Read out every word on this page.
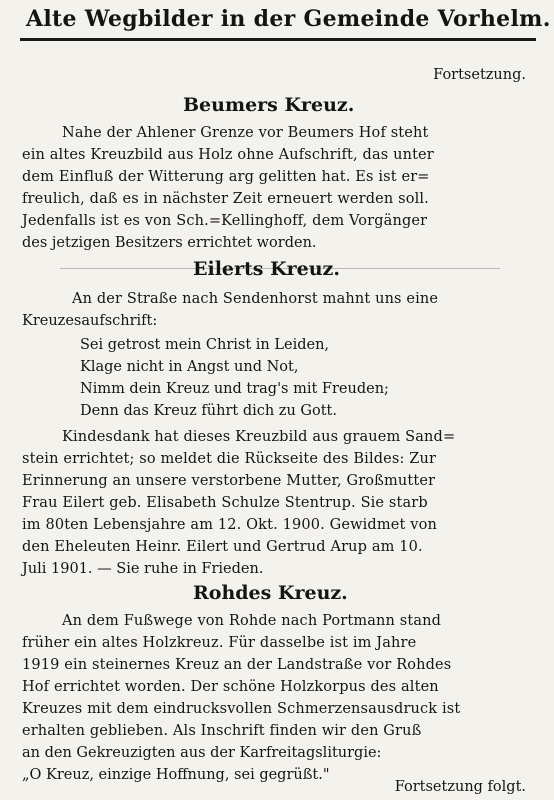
Alte Wegbilder in der Gemeinde Vorhelm.
Fortsetzung.
Beumers Kreuz.
Nahe der Ahlener Grenze vor Beumers Hof steht
ein altes Kreuzbild aus Holz ohne Aufschrift, das unter
dem Einfluß der Witterung arg gelitten hat. Es ist er=
freulich, daß es in nächster Zeit erneuert werden soll.
Jedenfalls ist es von Sch.=Kellinghoff, dem Vorgänger
des jetzigen Besitzers errichtet worden.
Eilerts Kreuz.
An der Straße nach Sendenhorst mahnt uns eine
Kreuzesaufschrift:
Sei getrost mein Christ in Leiden,
Klage nicht in Angst und Not,
Nimm dein Kreuz und trag's mit Freuden;
Denn das Kreuz führt dich zu Gott.
Kindesdank hat dieses Kreuzbild aus grauem Sand=
stein errichtet; so meldet die Rückseite des Bildes: Zur
Erinnerung an unsere verstorbene Mutter, Großmutter
Frau Eilert geb. Elisabeth Schulze Stentrup. Sie starb
im 80ten Lebensjahre am 12. Okt. 1900. Gewidmet von
den Eheleuten Heinr. Eilert und Gertrud Arup am 10.
Juli 1901. — Sie ruhe in Frieden.
Rohdes Kreuz.
An dem Fußwege von Rohde nach Portmann stand
früher ein altes Holzkreuz. Für dasselbe ist im Jahre
1919 ein steinernes Kreuz an der Landstraße vor Rohdes
Hof errichtet worden. Der schöne Holzkorpus des alten
Kreuzes mit dem eindrucksvollen Schmerzensausdruck ist
erhalten geblieben. Als Inschrift finden wir den Gruß
an den Gekreuzigten aus der Karfreitagsliturgie:
„O Kreuz, einzige Hoffnung, sei gegrüßt."
Fortsetzung folgt.
